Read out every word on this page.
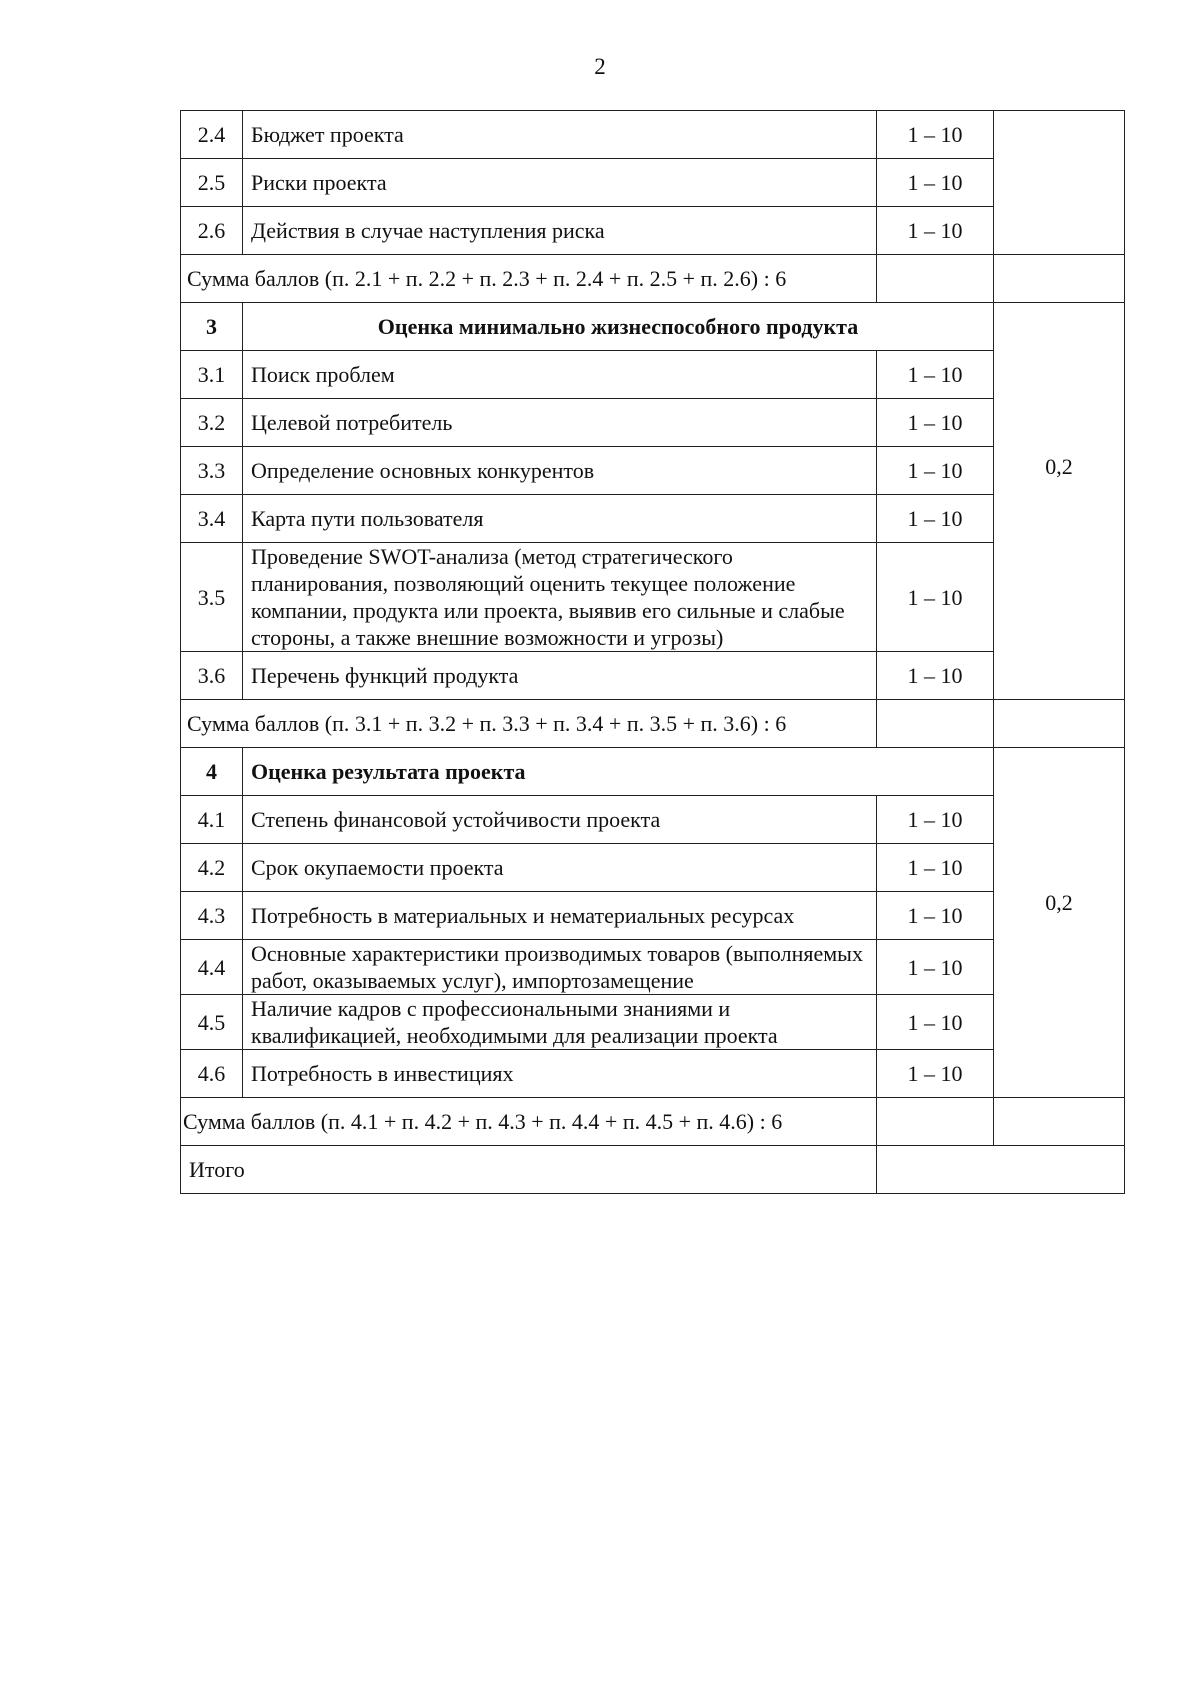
2
2.4	Бюджет проекта	1 – 10	
2.5	Риски проекта	1 – 10	
2.6	Действия в случае наступления риска	1 – 10	
Сумма баллов (п. 2.1 + п. 2.2 + п. 2.3 + п. 2.4 + п. 2.5 + п. 2.6) : 6			
3	Оценка минимально жизнеспособного продукта		0,2

3.1	Поиск проблем	1 – 10	
3.2	Целевой потребитель	1 – 10	
3.3	Определение основных конкурентов	1 – 10	
3.4	Карта пути пользователя	1 – 10	
3.5	Проведение SWOT-анализа (метод стратегического планирования, позволяющий оценить текущее положение компании, продукта или проекта, выявив его сильные и слабые стороны, а также внешние возможности и угрозы)	1 – 10	
3.6	Перечень функций продукта	1 – 10	
Сумма баллов (п. 3.1 + п. 3.2 + п. 3.3 + п. 3.4 + п. 3.5 + п. 3.6) : 6			
4	Оценка результата проекта		0,2

4.1	Степень финансовой устойчивости проекта	1 – 10	
4.2	Срок окупаемости проекта	1 – 10	
4.3	Потребность в материальных и нематериальных ресурсах	1 – 10	
4.4	Основные характеристики производимых товаров (выполняемых работ, оказываемых услуг), импортозамещение	1 – 10	
4.5	Наличие кадров с профессиональными знаниями и квалификацией, необходимыми для реализации проекта	1 – 10	
4.6	Потребность в инвестициях	1 – 10	
Сумма баллов (п. 4.1 + п. 4.2 + п. 4.3 + п. 4.4 + п. 4.5 + п. 4.6) : 6			
Итого			
